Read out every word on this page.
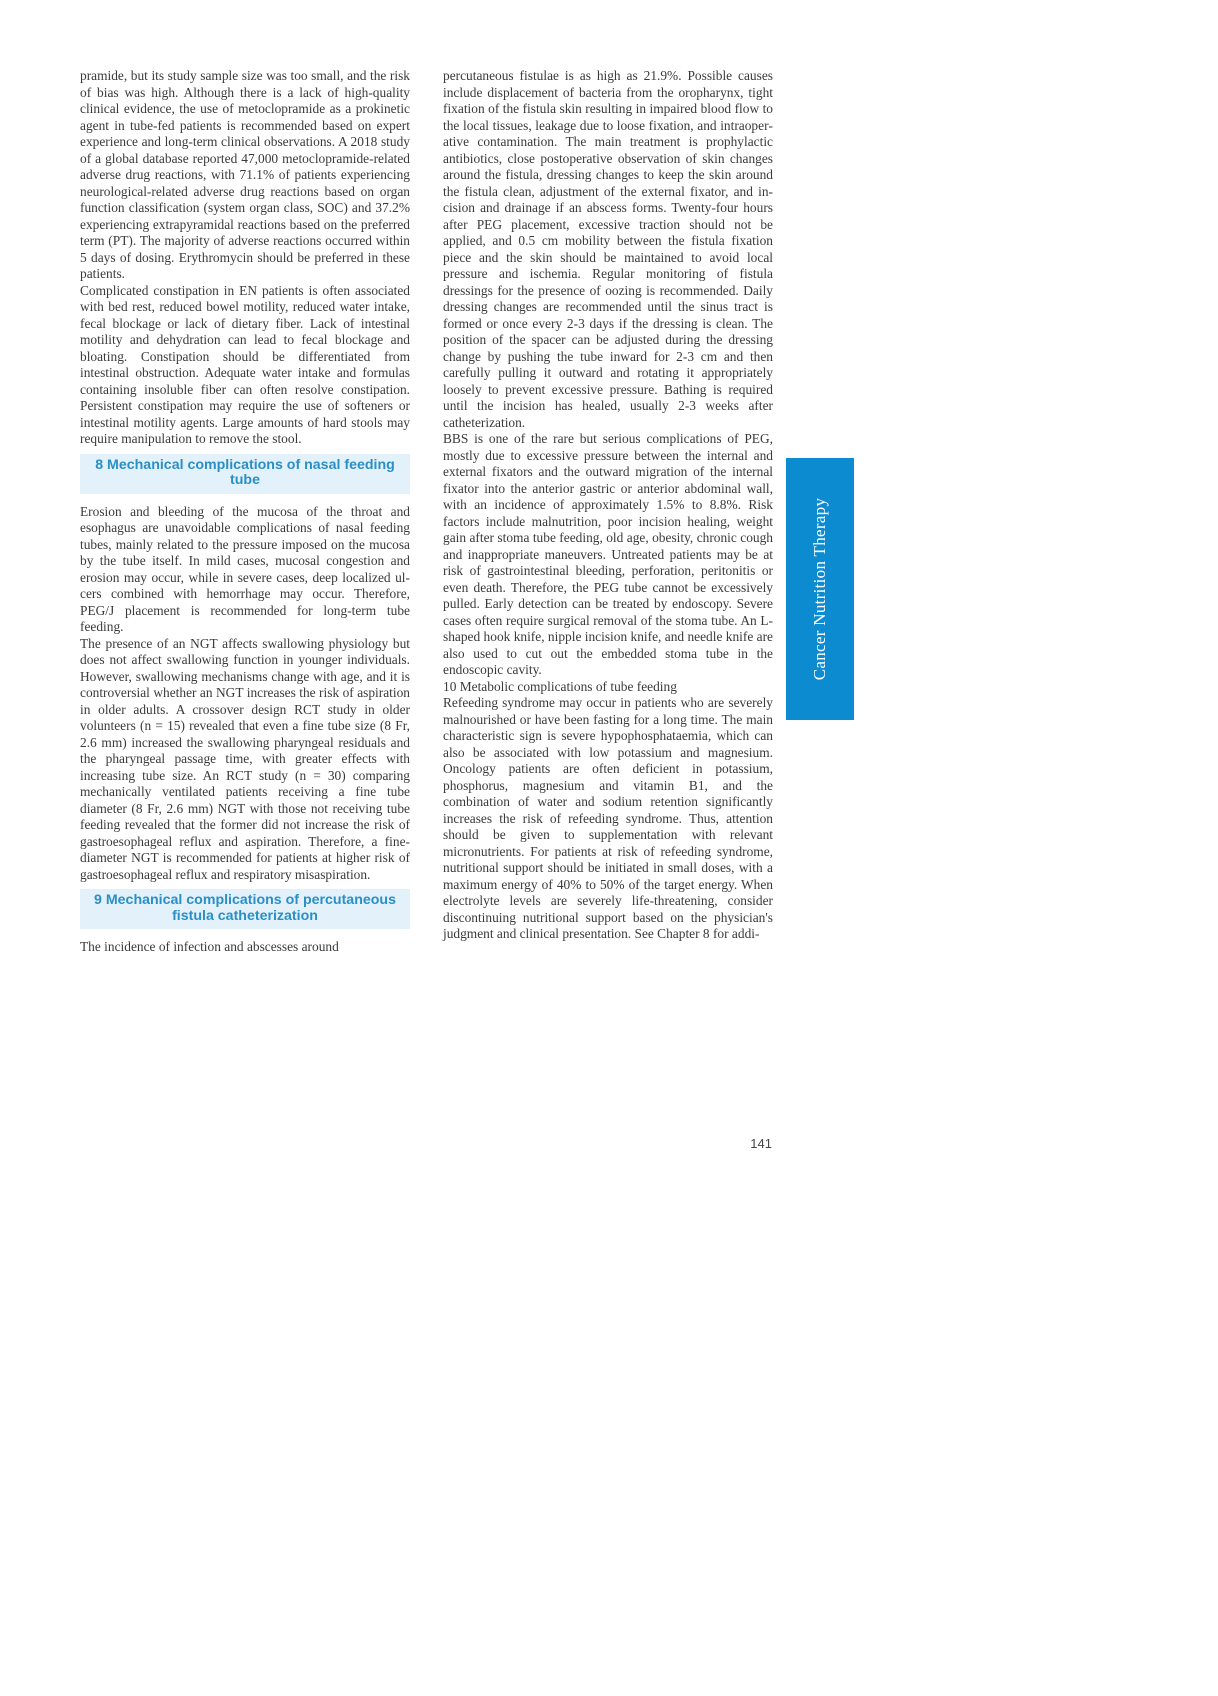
pramide, but its study sample size was too small, and the risk of bias was high. Although there is a lack of high-quality clinical evidence, the use of metoclopramide as a prokinetic agent in tube-fed patients is recommended based on expert experience and long-term clinical observations. A 2018 study of a global database reported 47,000 metoclopramide-related adverse drug reactions, with 71.1% of patients experiencing neurological-related adverse drug reactions based on organ function classification (system organ class, SOC) and 37.2% experiencing extrapyramidal reactions based on the preferred term (PT). The majority of adverse reactions occurred within 5 days of dosing. Erythromycin should be preferred in these patients.

Complicated constipation in EN patients is often associated with bed rest, reduced bowel motility, reduced water intake, fecal blockage or lack of dietary fiber. Lack of intestinal motility and dehydration can lead to fecal blockage and bloating. Constipation should be differentiated from intestinal obstruction. Adequate water intake and formulas containing insoluble fiber can often resolve constipation. Persistent constipation may require the use of softeners or intestinal motility agents. Large amounts of hard stools may require manipulation to remove the stool.

8 Mechanical complications of nasal feeding tube

Erosion and bleeding of the mucosa of the throat and esophagus are unavoidable complications of nasal feeding tubes, mainly related to the pressure imposed on the mucosa by the tube itself. In mild cases, mucosal congestion and erosion may occur, while in severe cases, deep localized ulcers combined with hemorrhage may occur. Therefore, PEG/J placement is recommended for long-term tube feeding.

The presence of an NGT affects swallowing physiology but does not affect swallowing function in younger individuals. However, swallowing mechanisms change with age, and it is controversial whether an NGT increases the risk of aspiration in older adults. A crossover design RCT study in older volunteers (n = 15) revealed that even a fine tube size (8 Fr, 2.6 mm) increased the swallowing pharyngeal residuals and the pharyngeal passage time, with greater effects with increasing tube size. An RCT study (n = 30) comparing mechanically ventilated patients receiving a fine tube diameter (8 Fr, 2.6 mm) NGT with those not receiving tube feeding revealed that the former did not increase the risk of gastroesophageal reflux and aspiration. Therefore, a fine-diameter NGT is recommended for patients at higher risk of gastroesophageal reflux and respiratory misaspiration.

9 Mechanical complications of percutaneous fistula catheterization

The incidence of infection and abscesses around

percutaneous fistulae is as high as 21.9%. Possible causes include displacement of bacteria from the oropharynx, tight fixation of the fistula skin resulting in impaired blood flow to the local tissues, leakage due to loose fixation, and intraoperative contamination. The main treatment is prophylactic antibiotics, close postoperative observation of skin changes around the fistula, dressing changes to keep the skin around the fistula clean, adjustment of the external fixator, and incision and drainage if an abscess forms. Twenty-four hours after PEG placement, excessive traction should not be applied, and 0.5 cm mobility between the fistula fixation piece and the skin should be maintained to avoid local pressure and ischemia. Regular monitoring of fistula dressings for the presence of oozing is recommended. Daily dressing changes are recommended until the sinus tract is formed or once every 2-3 days if the dressing is clean. The position of the spacer can be adjusted during the dressing change by pushing the tube inward for 2-3 cm and then carefully pulling it outward and rotating it appropriately loosely to prevent excessive pressure. Bathing is required until the incision has healed, usually 2-3 weeks after catheterization.

BBS is one of the rare but serious complications of PEG, mostly due to excessive pressure between the internal and external fixators and the outward migration of the internal fixator into the anterior gastric or anterior abdominal wall, with an incidence of approximately 1.5% to 8.8%. Risk factors include malnutrition, poor incision healing, weight gain after stoma tube feeding, old age, obesity, chronic cough and inappropriate maneuvers. Untreated patients may be at risk of gastrointestinal bleeding, perforation, peritonitis or even death. Therefore, the PEG tube cannot be excessively pulled. Early detection can be treated by endoscopy. Severe cases often require surgical removal of the stoma tube. An L-shaped hook knife, nipple incision knife, and needle knife are also used to cut out the embedded stoma tube in the endoscopic cavity.

10 Metabolic complications of tube feeding

Refeeding syndrome may occur in patients who are severely malnourished or have been fasting for a long time. The main characteristic sign is severe hypophosphataemia, which can also be associated with low potassium and magnesium. Oncology patients are often deficient in potassium, phosphorus, magnesium and vitamin B1, and the combination of water and sodium retention significantly increases the risk of refeeding syndrome. Thus, attention should be given to supplementation with relevant micronutrients. For patients at risk of refeeding syndrome, nutritional support should be initiated in small doses, with a maximum energy of 40% to 50% of the target energy. When electrolyte levels are severely life-threatening, consider discontinuing nutritional support based on the physician's judgment and clinical presentation. See Chapter 8 for addi-

Cancer Nutrition Therapy
141
